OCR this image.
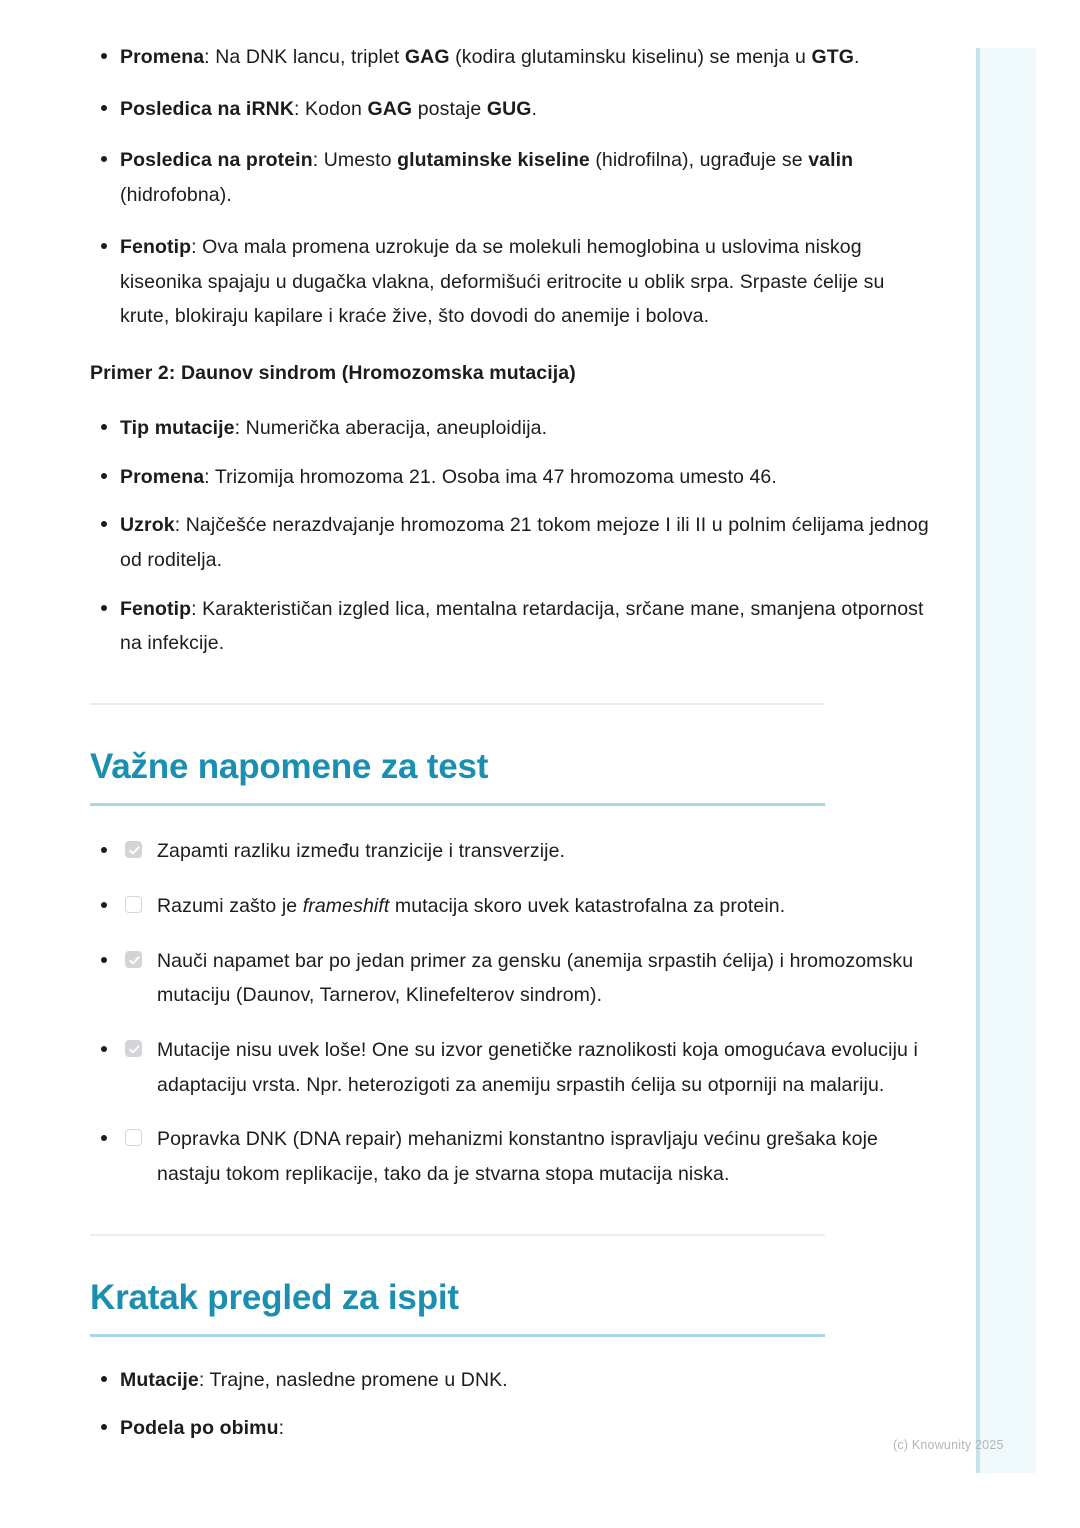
Promena: Na DNK lancu, triplet GAG (kodira glutaminsku kiselinu) se menja u GTG.
Posledica na iRNK: Kodon GAG postaje GUG.
Posledica na protein: Umesto glutaminske kiseline (hidrofilna), ugrađuje se valin (hidrofobna).
Fenotip: Ova mala promena uzrokuje da se molekuli hemoglobina u uslovima niskog kiseonika spajaju u dugačka vlakna, deformišući eritrocite u oblik srpa. Srpaste ćelije su krute, blokiraju kapilare i kraće žive, što dovodi do anemije i bolova.
Primer 2: Daunov sindrom (Hromozomska mutacija)
Tip mutacije: Numerička aberacija, aneuploidija.
Promena: Trizomija hromozoma 21. Osoba ima 47 hromozoma umesto 46.
Uzrok: Najčešće nerazdvajanje hromozoma 21 tokom mejoze I ili II u polnim ćelijama jednog od roditelja.
Fenotip: Karakterističan izgled lica, mentalna retardacija, srčane mane, smanjena otpornost na infekcije.
Važne napomene za test
Zapamti razliku između tranzicije i transverzije.
Razumi zašto je frameshift mutacija skoro uvek katastrofalna za protein.
Nauči napamet bar po jedan primer za gensku (anemija srpastih ćelija) i hromozomsku mutaciju (Daunov, Tarnerov, Klinefelterov sindrom).
Mutacije nisu uvek loše! One su izvor genetičke raznolikosti koja omogućava evoluciju i adaptaciju vrsta. Npr. heterozigoti za anemiju srpastih ćelija su otporniji na malariju.
Popravka DNK (DNA repair) mehanizmi konstantno ispravljaju većinu grešaka koje nastaju tokom replikacije, tako da je stvarna stopa mutacija niska.
Kratak pregled za ispit
Mutacije: Trajne, nasledne promene u DNK.
Podela po obimu:
(c) Knowunity 2025
